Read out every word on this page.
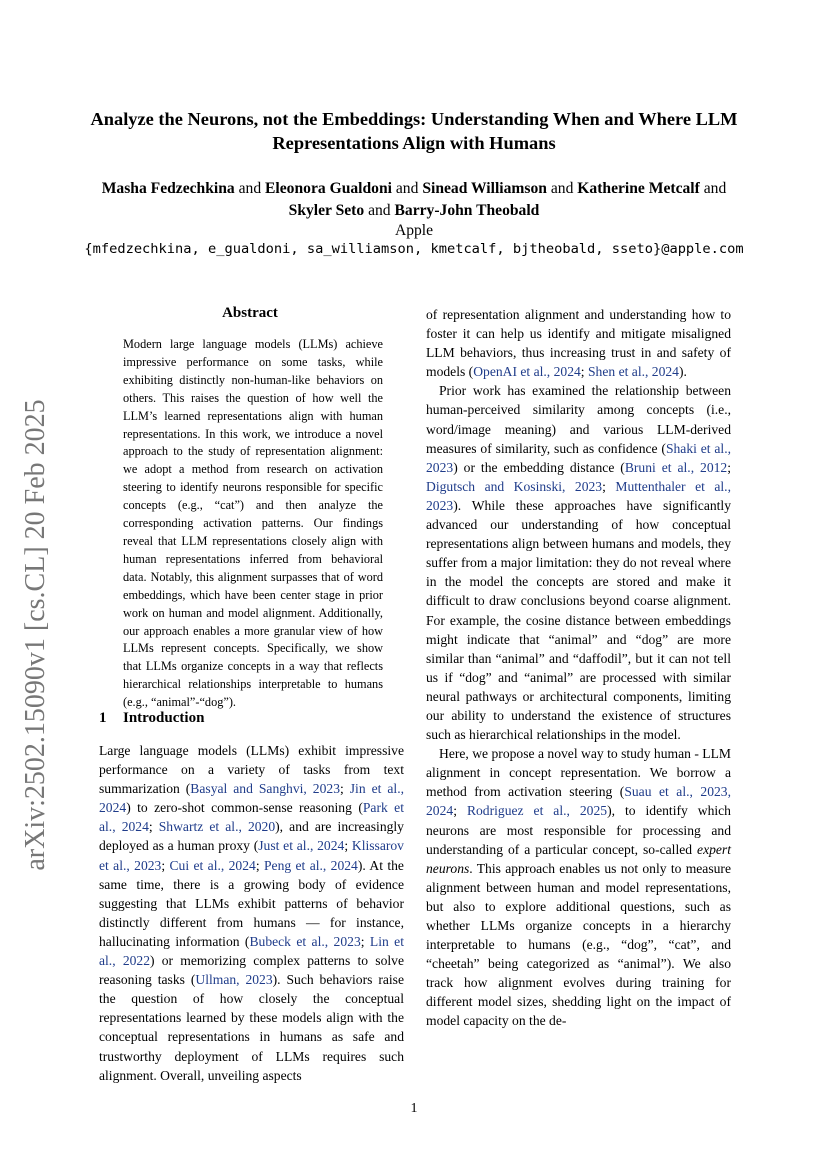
Analyze the Neurons, not the Embeddings: Understanding When and Where LLM Representations Align with Humans
Masha Fedzechkina and Eleonora Gualdoni and Sinead Williamson and Katherine Metcalf and
Skyler Seto and Barry-John Theobald
Apple
{mfedzechkina, e_gualdoni, sa_williamson, kmetcalf, bjtheobald, sseto}@apple.com
arXiv:2502.15090v1 [cs.CL] 20 Feb 2025
Abstract

Modern large language models (LLMs) achieve impressive performance on some tasks, while exhibiting distinctly non-human-like behaviors on others. This raises the question of how well the LLM’s learned representations align with human representations. In this work, we introduce a novel approach to the study of representation alignment: we adopt a method from research on activation steering to identify neurons responsible for specific concepts (e.g., “cat”) and then analyze the corresponding activation patterns. Our findings reveal that LLM representations closely align with human representations inferred from behavioral data. Notably, this alignment surpasses that of word embeddings, which have been center stage in prior work on human and model alignment. Additionally, our approach enables a more granular view of how LLMs represent concepts. Specifically, we show that LLMs organize concepts in a way that reflects hierarchical relationships interpretable to humans (e.g., “animal”-“dog”).

1 Introduction

Large language models (LLMs) exhibit impressive performance on a variety of tasks from text summarization (Basyal and Sanghvi, 2023; Jin et al., 2024) to zero-shot common-sense reasoning (Park et al., 2024; Shwartz et al., 2020), and are increasingly deployed as a human proxy (Just et al., 2024; Klissarov et al., 2023; Cui et al., 2024; Peng et al., 2024). At the same time, there is a growing body of evidence suggesting that LLMs exhibit patterns of behavior distinctly different from humans — for instance, hallucinating information (Bubeck et al., 2023; Lin et al., 2022) or memorizing complex patterns to solve reasoning tasks (Ullman, 2023). Such behaviors raise the question of how closely the conceptual representations learned by these models align with the conceptual representations in humans as safe and trustworthy deployment of LLMs requires such alignment. Overall, unveiling aspects

of representation alignment and understanding how to foster it can help us identify and mitigate misaligned LLM behaviors, thus increasing trust in and safety of models (OpenAI et al., 2024; Shen et al., 2024).

Prior work has examined the relationship between human-perceived similarity among concepts (i.e., word/image meaning) and various LLM-derived measures of similarity, such as confidence (Shaki et al., 2023) or the embedding distance (Bruni et al., 2012; Digutsch and Kosinski, 2023; Muttenthaler et al., 2023). While these approaches have significantly advanced our understanding of how conceptual representations align between humans and models, they suffer from a major limitation: they do not reveal where in the model the concepts are stored and make it difficult to draw conclusions beyond coarse alignment. For example, the cosine distance between embeddings might indicate that “animal” and “dog” are more similar than “animal” and “daffodil”, but it can not tell us if “dog” and “animal” are processed with similar neural pathways or architectural components, limiting our ability to understand the existence of structures such as hierarchical relationships in the model.

Here, we propose a novel way to study human - LLM alignment in concept representation. We borrow a method from activation steering (Suau et al., 2023, 2024; Rodriguez et al., 2025), to identify which neurons are most responsible for processing and understanding of a particular concept, so-called expert neurons. This approach enables us not only to measure alignment between human and model representations, but also to explore additional questions, such as whether LLMs organize concepts in a hierarchy interpretable to humans (e.g., “dog”, “cat”, and “cheetah” being categorized as “animal”). We also track how alignment evolves during training for different model sizes, shedding light on the impact of model capacity on the de-

1
